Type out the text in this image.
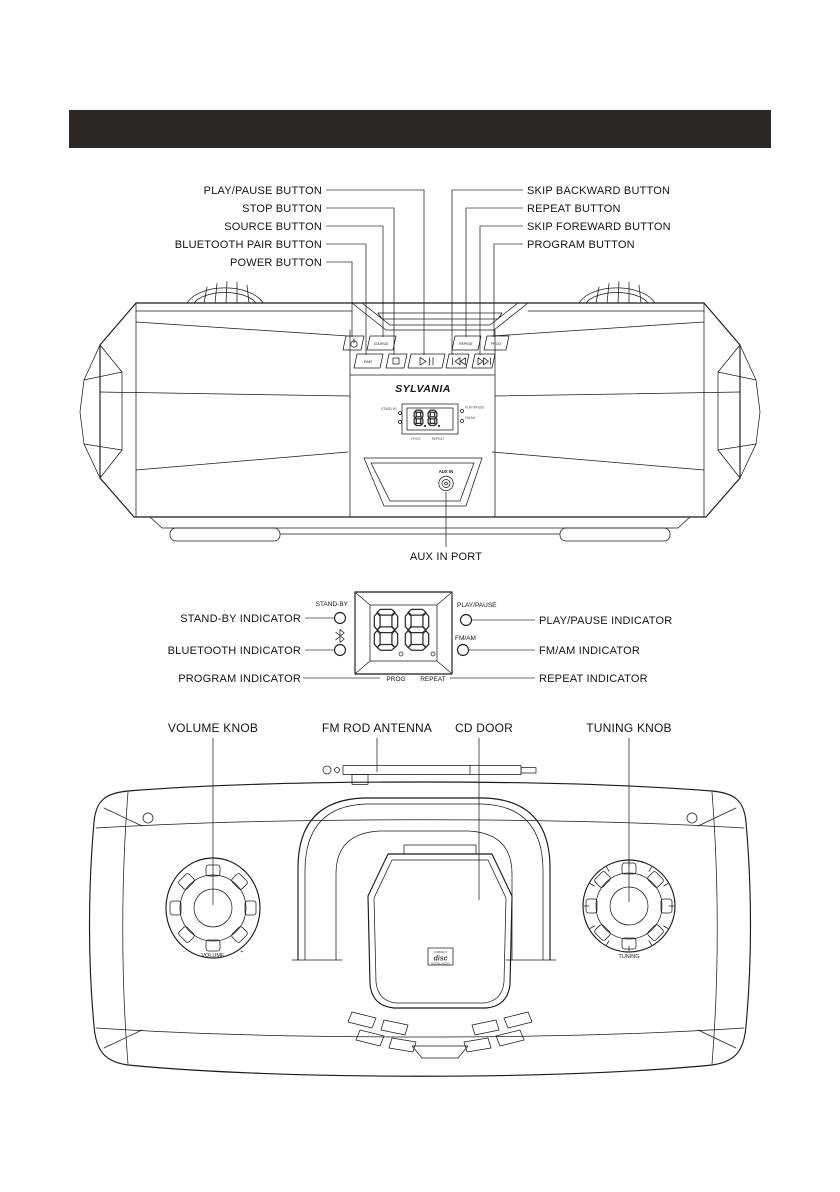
PLAY/PAUSE BUTTON
STOP BUTTON
SOURCE BUTTON
BLUETOOTH PAIR BUTTON
POWER BUTTON
SKIP BACKWARD BUTTON
REPEAT BUTTON
SKIP FOREWARD BUTTON
PROGRAM BUTTON
SOURCE	REPEAT	PROG
PAIR
SYLVANIA
STAND-BY	PLAY/PAUSE
FM/AM
PROG	REPEAT
AUX IN
AUX IN PORT
STAND-BY	PLAY/PAUSE
FM/AM
PROG REPEAT
STAND-BY INDICATOR
BLUETOOTH INDICATOR
PROGRAM INDICATOR
PLAY/PAUSE INDICATOR
FM/AM INDICATOR
REPEAT INDICATOR
VOLUME KNOB	FM ROD ANTENNA CD DOOR	TUNING KNOB
COMPACT
disc
DIGITAL AUDIO
VOLUME
-	+
TUNING
